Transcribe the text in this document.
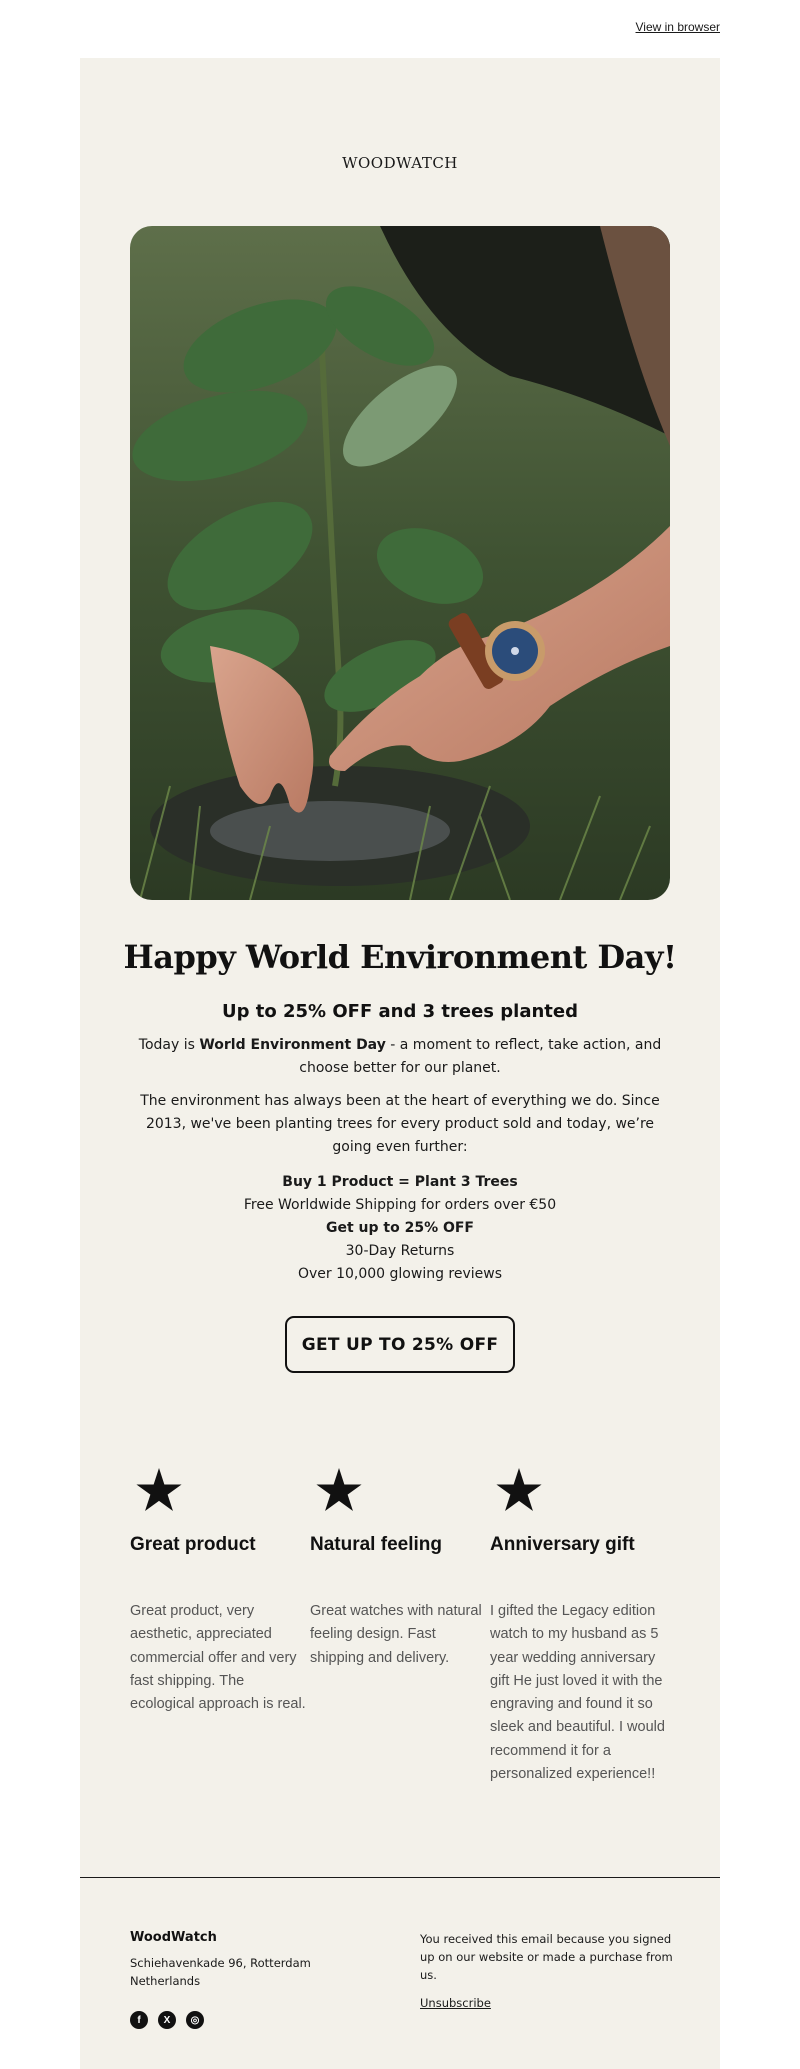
View in browser
WOODWATCH
Happy World Environment Day!
Up to 25% OFF and 3 trees planted
Today is World Environment Day - a moment to reflect, take action, and choose better for our planet.
The environment has always been at the heart of everything we do. Since 2013, we've been planting trees for every product sold and today, we’re going even further:
Buy 1 Product = Plant 3 Trees
Free Worldwide Shipping for orders over €50
Get up to 25% OFF
30-Day Returns
Over 10,000 glowing reviews
GET UP TO 25% OFF
Great product
Great product, very aesthetic, appreciated commercial offer and very fast shipping. The ecological approach is real.
Natural feeling
Great watches with natural feeling design. Fast shipping and delivery.
Anniversary gift
I gifted the Legacy edition watch to my husband as 5 year wedding anniversary gift He just loved it with the engraving and found it so sleek and beautiful. I would recommend it for a personalized experience!!
WoodWatch
Schiehavenkade 96, Rotterdam
Netherlands
f	X	◎
You received this email because you signed up on our website or made a purchase from us.
Unsubscribe
